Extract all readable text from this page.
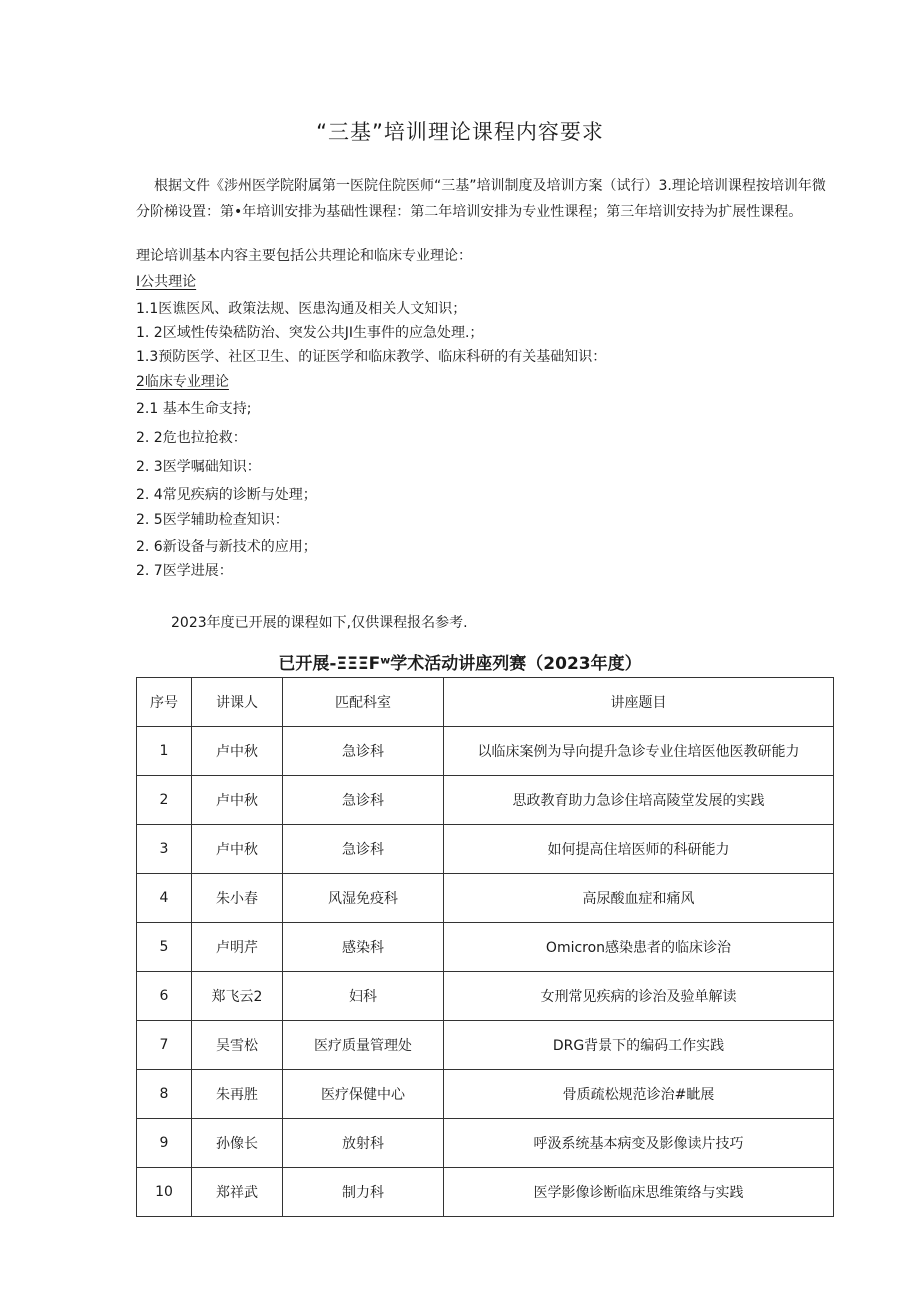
“三基”培训理论课程内容要求

根据文件《涉州医学院附属第一医院住院医师“三基”培训制度及培训方案（试行）3.理论培训课程按培训年微分阶梯设置：第•年培训安排为基础性课程：第二年培训安排为专业性课程；第三年培训安持为扩展性课程。

理论培训基本内容主要包括公共理论和临床专业理论：

I公共理论

1.1医谯医风、政策法规、医患沟通及相关人文知识；

1. 2区域性传染嵇防治、突发公共JI生事件的应急处理.；

1.3预防医学、社区卫生、的证医学和临床教学、临床科研的有关基础知识：

2临床专业理论

2.1 基本生命支持;

2. 2危也拉抢救：

2. 3医学嘱础知识：

2. 4常见疾病的诊断与处理；

2. 5医学辅助检查知识：

2. 6新设备与新技术的应用；

2. 7医学进展：

2023年度已开展的课程如下,仅供课程报名参考.

已开展-ΞΞΞFʷ学术活动讲座列赛（2023年度）

序号	讲课人	匹配科室	讲座题目
1	卢中秋	急诊科	以临床案例为导向提升急诊专业住培医他医教研能力
2	卢中秋	急诊科	思政教育助力急诊住培高陵堂发展的实践
3	卢中秋	急诊科	如何提高住培医师的科研能力
4	朱小春	风湿免疫科	高尿酸血症和痛风
5	卢明芹	感染科	Omicron感染患者的临床诊治
6	郑飞云2	妇科	女刑常见疾病的诊治及验单解读
7	吴雪松	医疗质量管理处	DRG背景下的编码工作实践
8	朱再胜	医疗保健中心	骨质疏松规范诊治#眦展
9	孙像长	放射科	呼汲系统基本病变及影像读片技巧
10	郑祥武	制力科	医学影像诊断临床思维策络与实践
